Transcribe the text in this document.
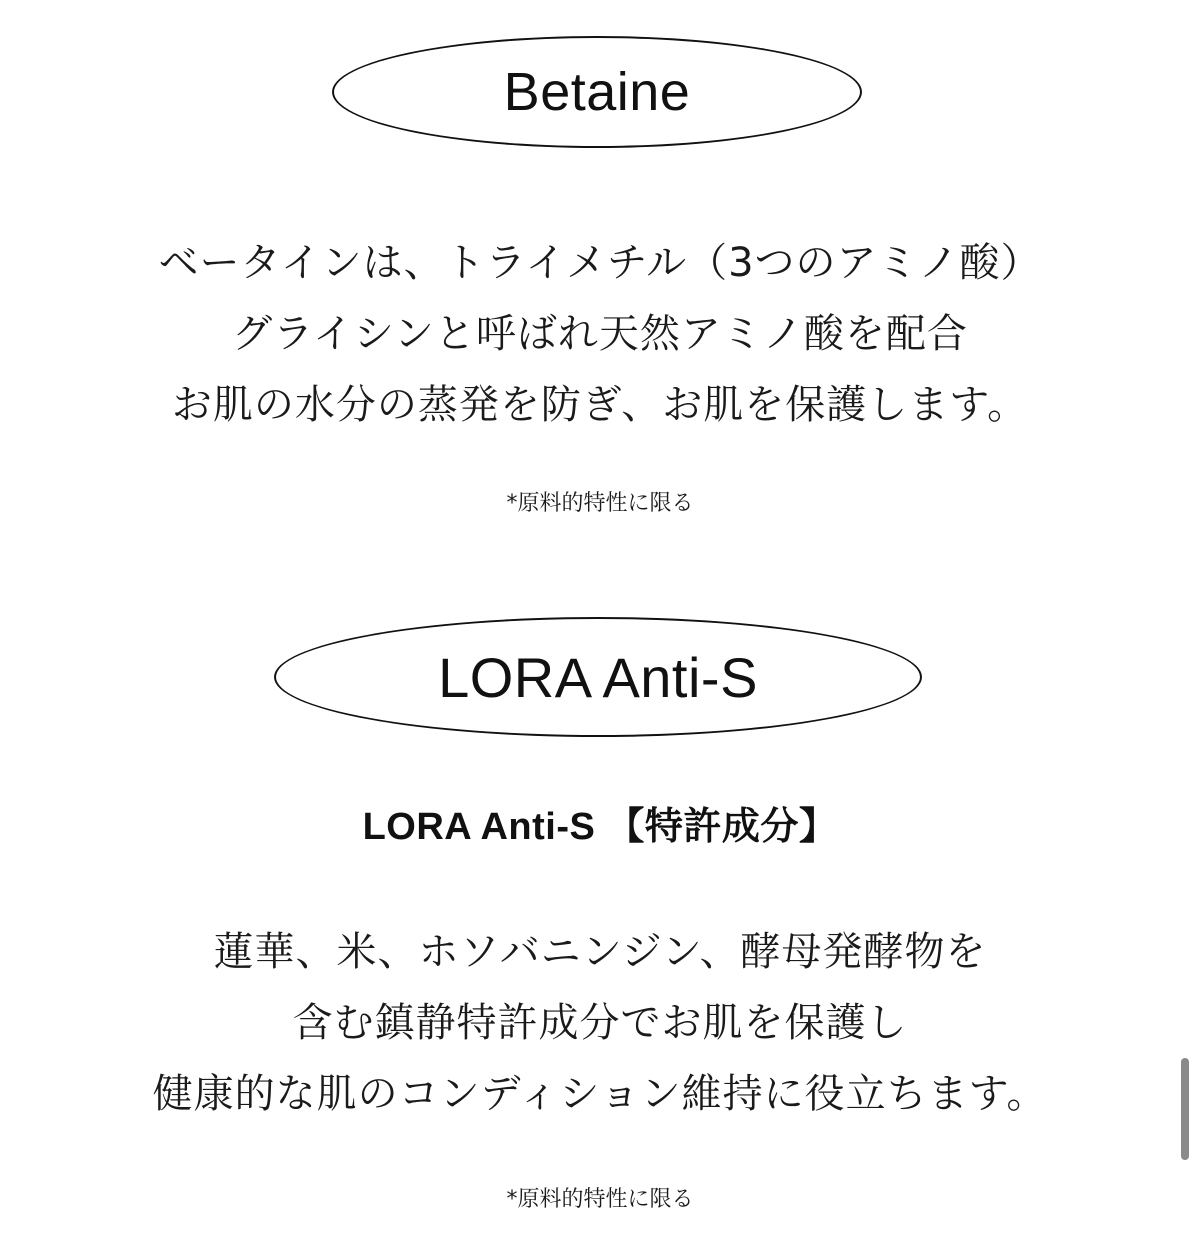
Betaine
ベータインは、トライメチル（3つのアミノ酸）
グライシンと呼ばれ天然アミノ酸を配合
お肌の水分の蒸発を防ぎ、お肌を保護します。
*原料的特性に限る
LORA Anti-S
LORA Anti-S 【特許成分】
蓮華、米、ホソバニンジン、酵母発酵物を
含む鎮静特許成分でお肌を保護し
健康的な肌のコンディション維持に役立ちます。
*原料的特性に限る
